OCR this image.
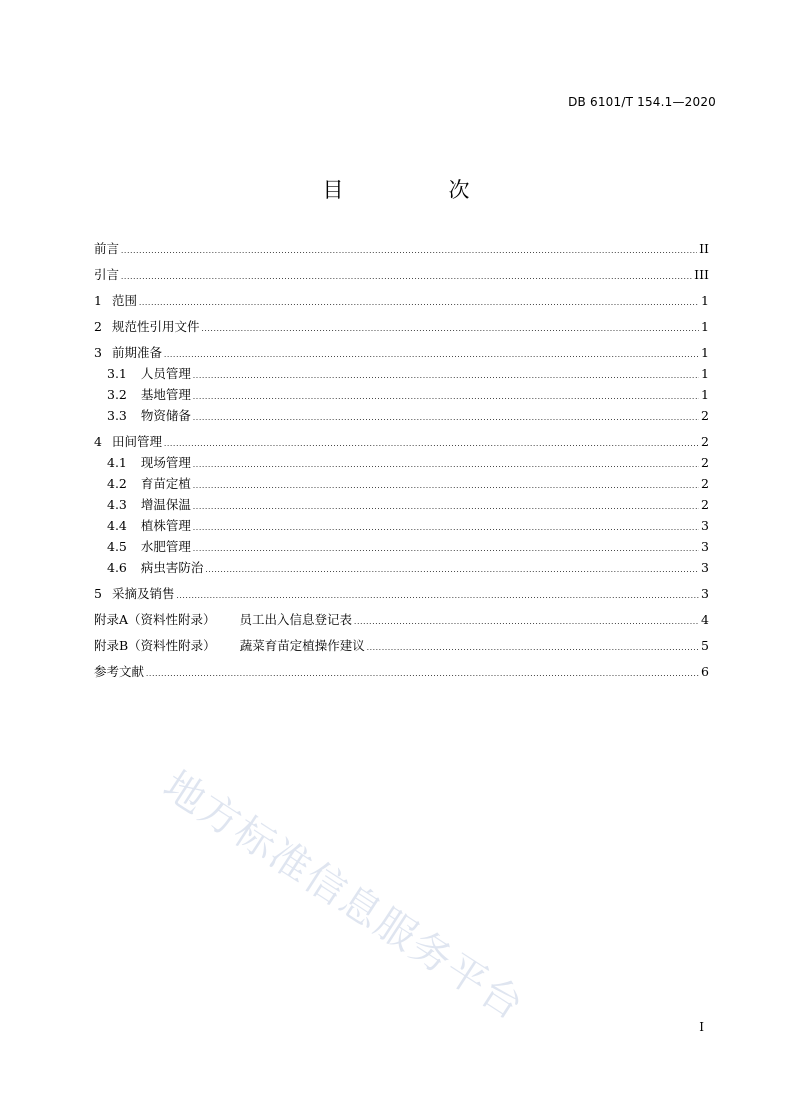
DB 6101/T 154.1—2020
目　次
前言 .....	II
引言 .....	III
1 范围 .....	1
2 规范性引用文件 .....	1
3 前期准备 .....	1
3.1 人员管理 .....	1
3.2 基地管理 .....	1
3.3 物资储备 .....	2
4 田间管理 .....	2
4.1 现场管理 .....	2
4.2 育苗定植 .....	2
4.3 增温保温 .....	2
4.4 植株管理 .....	3
4.5 水肥管理 .....	3
4.6 病虫害防治 .....	3
5 采摘及销售 .....	3
附录A（资料性附录） 员工出入信息登记表 .....	4
附录B（资料性附录） 蔬菜育苗定植操作建议 .....	5
参考文献 .....	6
地方标准信息服务平台	I
